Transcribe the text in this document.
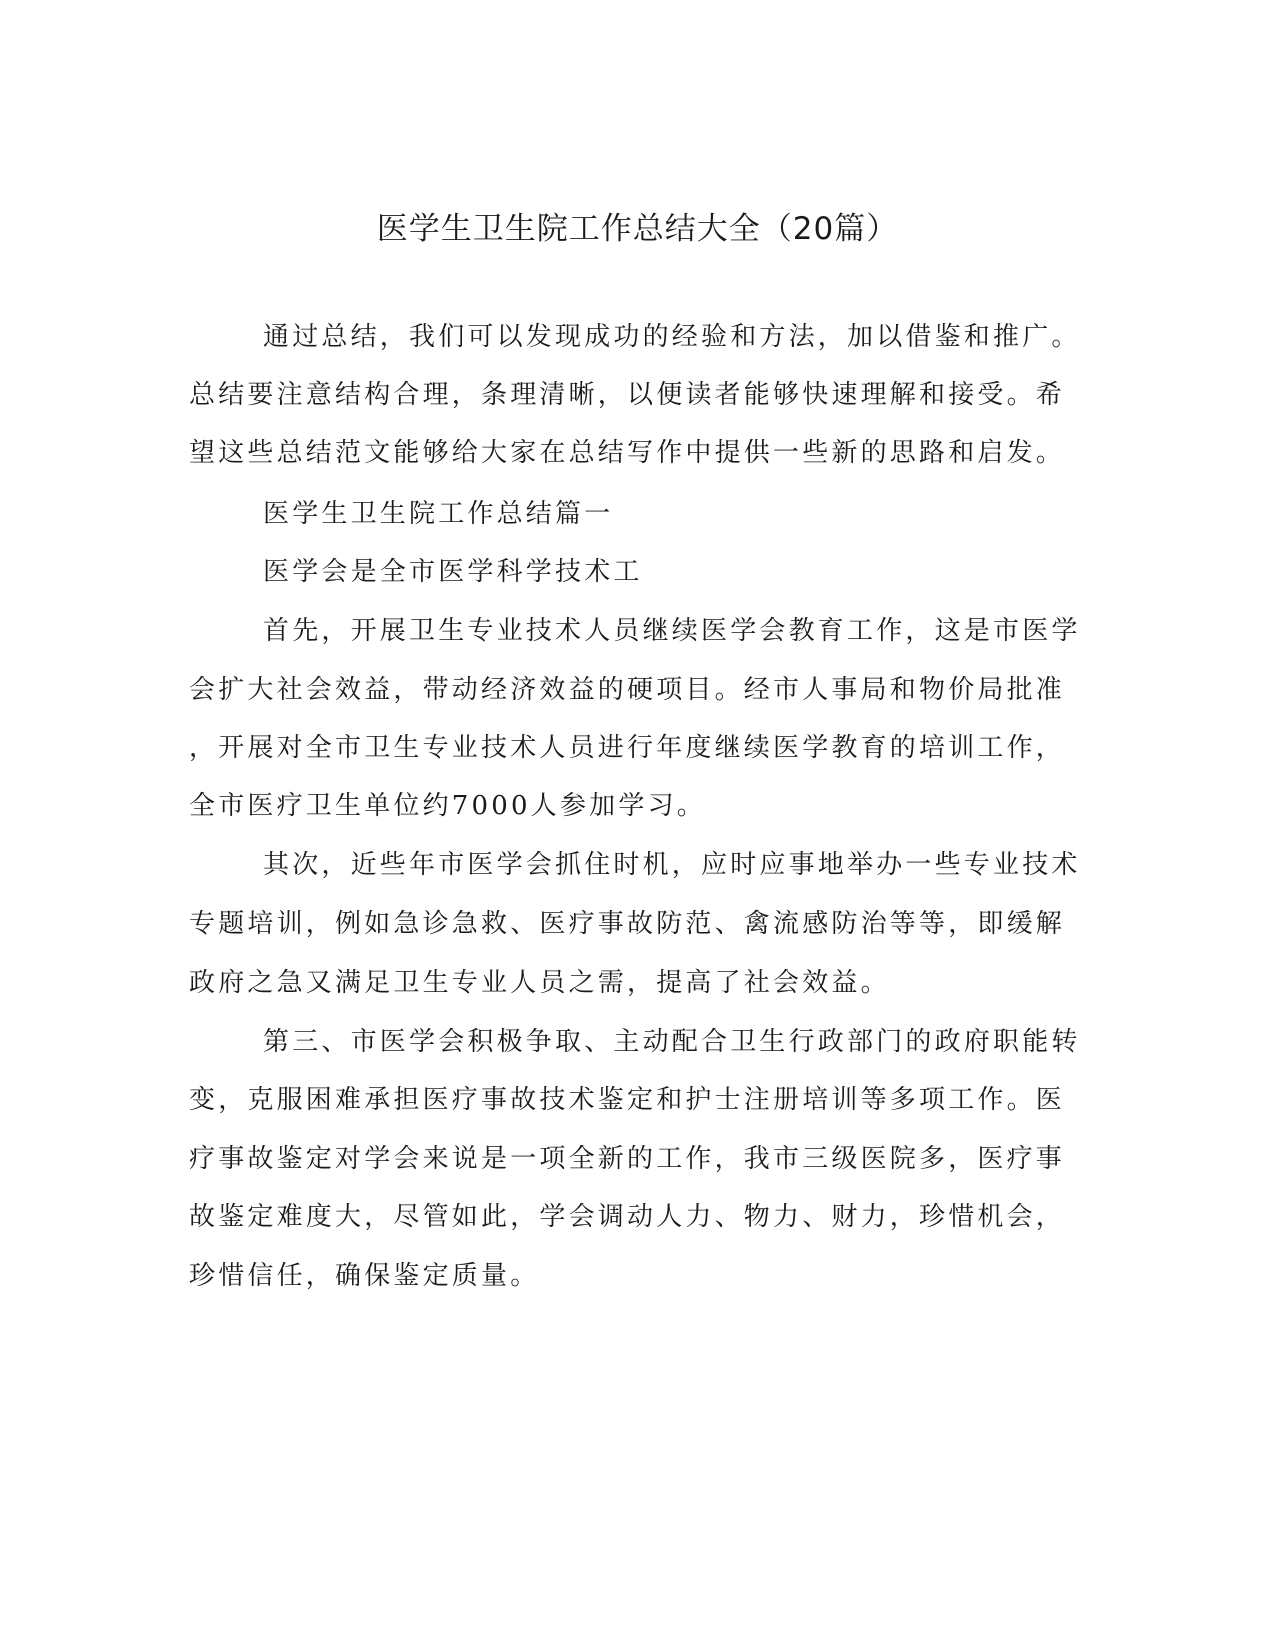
医学生卫生院工作总结大全（20篇）

通过总结，我们可以发现成功的经验和方法，加以借鉴和推广。

总结要注意结构合理，条理清晰，以便读者能够快速理解和接受。希

望这些总结范文能够给大家在总结写作中提供一些新的思路和启发。

医学生卫生院工作总结篇一

医学会是全市医学科学技术工

首先，开展卫生专业技术人员继续医学会教育工作，这是市医学

会扩大社会效益，带动经济效益的硬项目。经市人事局和物价局批准

，开展对全市卫生专业技术人员进行年度继续医学教育的培训工作，

全市医疗卫生单位约7000人参加学习。

其次，近些年市医学会抓住时机，应时应事地举办一些专业技术

专题培训，例如急诊急救、医疗事故防范、禽流感防治等等，即缓解

政府之急又满足卫生专业人员之需，提高了社会效益。

第三、市医学会积极争取、主动配合卫生行政部门的政府职能转

变，克服困难承担医疗事故技术鉴定和护士注册培训等多项工作。医

疗事故鉴定对学会来说是一项全新的工作，我市三级医院多，医疗事

故鉴定难度大，尽管如此，学会调动人力、物力、财力，珍惜机会，

珍惜信任，确保鉴定质量。
